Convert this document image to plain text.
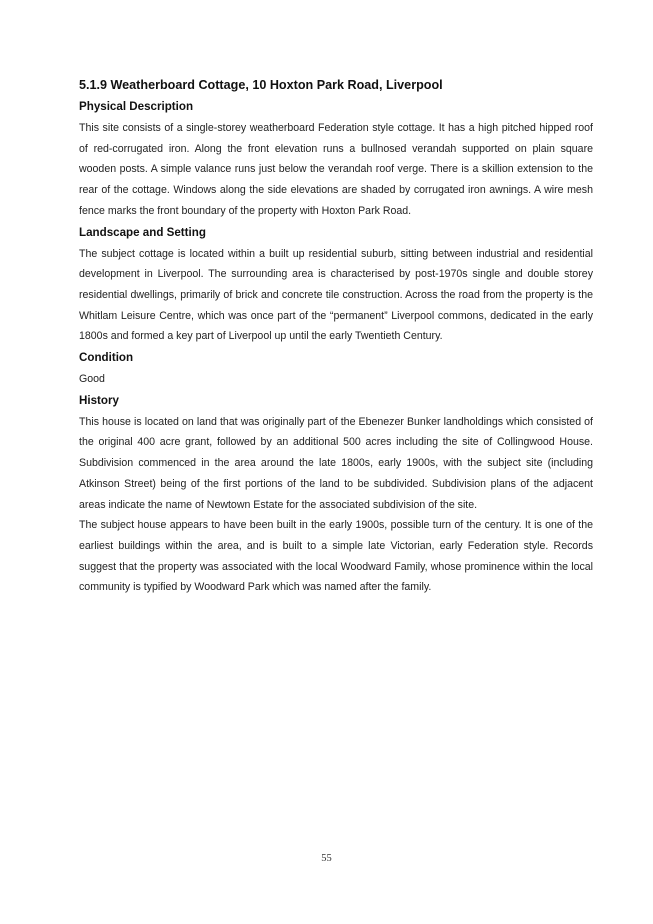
5.1.9 Weatherboard Cottage, 10 Hoxton Park Road, Liverpool
Physical Description

This site consists of a single-storey weatherboard Federation style cottage. It has a high pitched hipped roof of red-corrugated iron. Along the front elevation runs a bullnosed verandah supported on plain square wooden posts. A simple valance runs just below the verandah roof verge. There is a skillion extension to the rear of the cottage. Windows along the side elevations are shaded by corrugated iron awnings. A wire mesh fence marks the front boundary of the property with Hoxton Park Road.

Landscape and Setting

The subject cottage is located within a built up residential suburb, sitting between industrial and residential development in Liverpool. The surrounding area is characterised by post-1970s single and double storey residential dwellings, primarily of brick and concrete tile construction. Across the road from the property is the Whitlam Leisure Centre, which was once part of the “permanent” Liverpool commons, dedicated in the early 1800s and formed a key part of Liverpool up until the early Twentieth Century.

Condition

Good

History

This house is located on land that was originally part of the Ebenezer Bunker landholdings which consisted of the original 400 acre grant, followed by an additional 500 acres including the site of Collingwood House. Subdivision commenced in the area around the late 1800s, early 1900s, with the subject site (including Atkinson Street) being of the first portions of the land to be subdivided. Subdivision plans of the adjacent areas indicate the name of Newtown Estate for the associated subdivision of the site.

The subject house appears to have been built in the early 1900s, possible turn of the century. It is one of the earliest buildings within the area, and is built to a simple late Victorian, early Federation style. Records suggest that the property was associated with the local Woodward Family, whose prominence within the local community is typified by Woodward Park which was named after the family.

55
